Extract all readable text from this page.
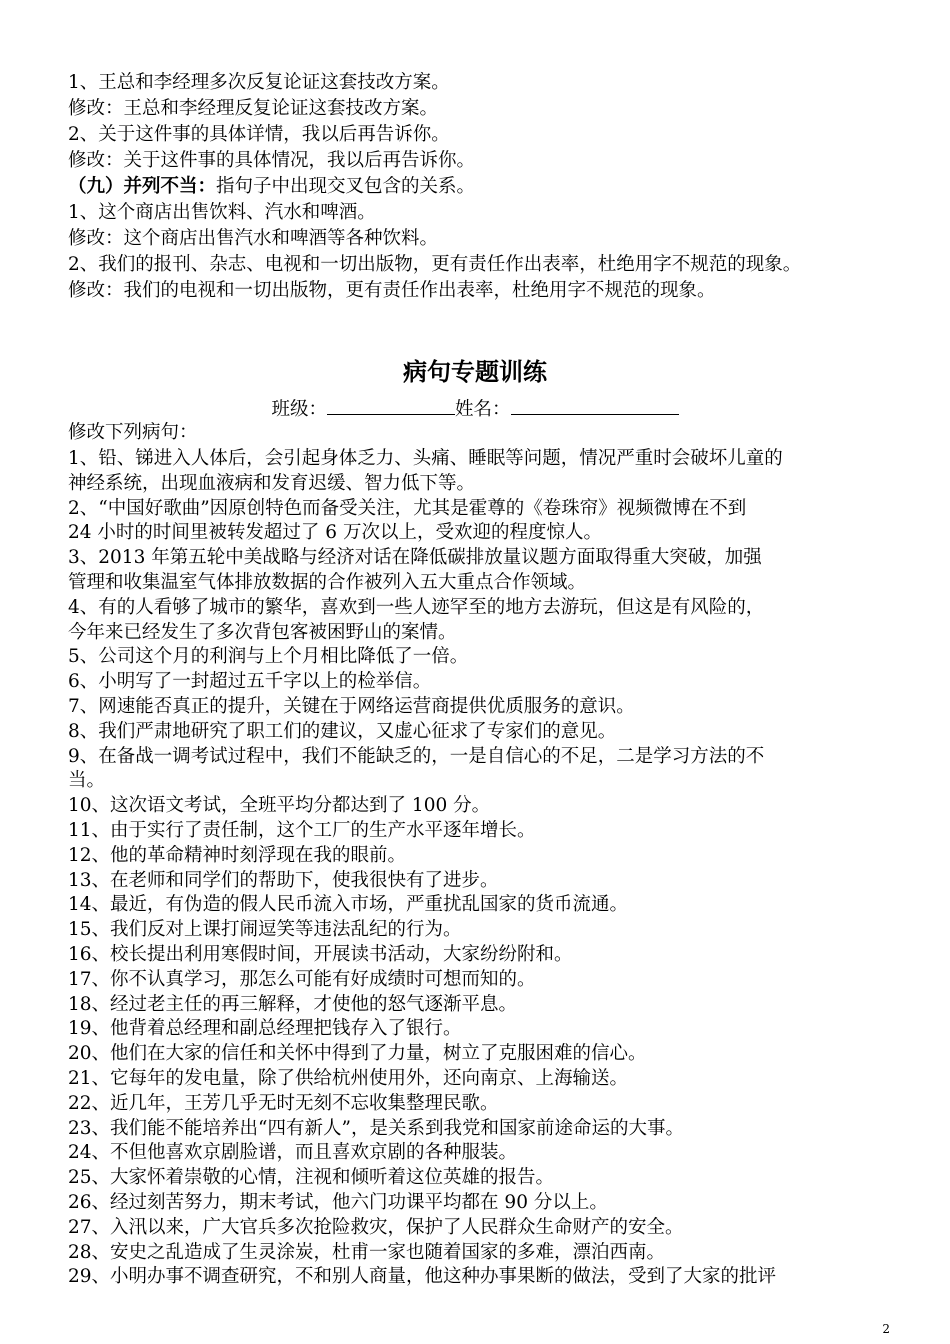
1、王总和李经理多次反复论证这套技改方案。
修改：王总和李经理反复论证这套技改方案。
2、关于这件事的具体详情，我以后再告诉你。
修改：关于这件事的具体情况，我以后再告诉你。
（九）并列不当：指句子中出现交叉包含的关系。
1、这个商店出售饮料、汽水和啤酒。
修改：这个商店出售汽水和啤酒等各种饮料。
2、我们的报刊、杂志、电视和一切出版物，更有责任作出表率，杜绝用字不规范的现象。
修改：我们的电视和一切出版物，更有责任作出表率，杜绝用字不规范的现象。
病句专题训练
班级：	姓名：
修改下列病句：
1、铅、锑进入人体后，会引起身体乏力、头痛、睡眠等问题，情况严重时会破坏儿童的
神经系统，出现血液病和发育迟缓、智力低下等。
2、“中国好歌曲”因原创特色而备受关注，尤其是霍尊的《卷珠帘》视频微博在不到
24 小时的时间里被转发超过了 6 万次以上，受欢迎的程度惊人。
3、2013 年第五轮中美战略与经济对话在降低碳排放量议题方面取得重大突破，加强
管理和收集温室气体排放数据的合作被列入五大重点合作领域。
4、有的人看够了城市的繁华，喜欢到一些人迹罕至的地方去游玩，但这是有风险的，
今年来已经发生了多次背包客被困野山的案情。
5、公司这个月的利润与上个月相比降低了一倍。
6、小明写了一封超过五千字以上的检举信。
7、网速能否真正的提升，关键在于网络运营商提供优质服务的意识。
8、我们严肃地研究了职工们的建议，又虚心征求了专家们的意见。
9、在备战一调考试过程中，我们不能缺乏的，一是自信心的不足，二是学习方法的不
当。
10、这次语文考试，全班平均分都达到了 100 分。
11、由于实行了责任制，这个工厂的生产水平逐年增长。
12、他的革命精神时刻浮现在我的眼前。
13、在老师和同学们的帮助下，使我很快有了进步。
14、最近，有伪造的假人民币流入市场，严重扰乱国家的货币流通。
15、我们反对上课打闹逗笑等违法乱纪的行为。
16、校长提出利用寒假时间，开展读书活动，大家纷纷附和。
17、你不认真学习，那怎么可能有好成绩时可想而知的。
18、经过老主任的再三解释，才使他的怒气逐渐平息。
19、他背着总经理和副总经理把钱存入了银行。
20、他们在大家的信任和关怀中得到了力量，树立了克服困难的信心。
21、它每年的发电量，除了供给杭州使用外，还向南京、上海输送。
22、近几年，王芳几乎无时无刻不忘收集整理民歌。
23、我们能不能培养出“四有新人”，是关系到我党和国家前途命运的大事。
24、不但他喜欢京剧脸谱，而且喜欢京剧的各种服装。
25、大家怀着崇敬的心情，注视和倾听着这位英雄的报告。
26、经过刻苦努力，期末考试，他六门功课平均都在 90 分以上。
27、入汛以来，广大官兵多次抢险救灾，保护了人民群众生命财产的安全。
28、安史之乱造成了生灵涂炭，杜甫一家也随着国家的多难，漂泊西南。
29、小明办事不调查研究，不和别人商量，他这种办事果断的做法，受到了大家的批评
2
